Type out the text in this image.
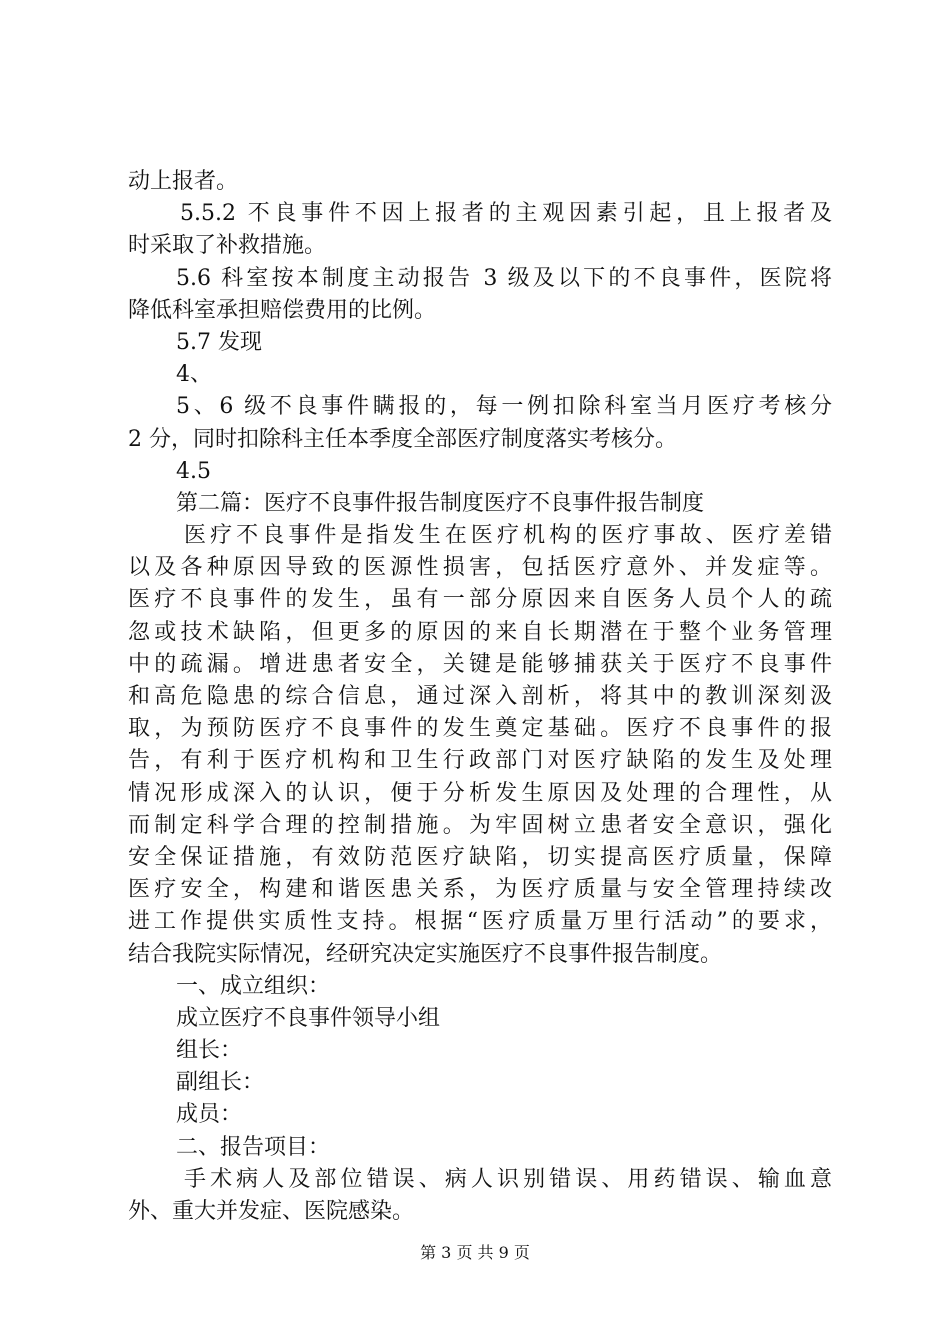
动上报者。
5.5.2 不良事件不因上报者的主观因素引起，且上报者及
时采取了补救措施。
5.6 科室按本制度主动报告 3 级及以下的不良事件，医院将
降低科室承担赔偿费用的比例。
5.7 发现
4、
5、6 级不良事件瞒报的，每一例扣除科室当月医疗考核分
2 分，同时扣除科主任本季度全部医疗制度落实考核分。
4.5
第二篇：医疗不良事件报告制度医疗不良事件报告制度
医疗不良事件是指发生在医疗机构的医疗事故、医疗差错
以及各种原因导致的医源性损害，包括医疗意外、并发症等。
医疗不良事件的发生，虽有一部分原因来自医务人员个人的疏
忽或技术缺陷，但更多的原因的来自长期潜在于整个业务管理
中的疏漏。增进患者安全，关键是能够捕获关于医疗不良事件
和高危隐患的综合信息，通过深入剖析，将其中的教训深刻汲
取，为预防医疗不良事件的发生奠定基础。医疗不良事件的报
告，有利于医疗机构和卫生行政部门对医疗缺陷的发生及处理
情况形成深入的认识，便于分析发生原因及处理的合理性，从
而制定科学合理的控制措施。为牢固树立患者安全意识，强化
安全保证措施，有效防范医疗缺陷，切实提高医疗质量，保障
医疗安全，构建和谐医患关系，为医疗质量与安全管理持续改
进工作提供实质性支持。根据“医疗质量万里行活动”的要求，
结合我院实际情况，经研究决定实施医疗不良事件报告制度。
一、成立组织：
成立医疗不良事件领导小组
组长：
副组长：
成员：
二、报告项目：
手术病人及部位错误、病人识别错误、用药错误、输血意
外、重大并发症、医院感染。
第 3 页 共 9 页
